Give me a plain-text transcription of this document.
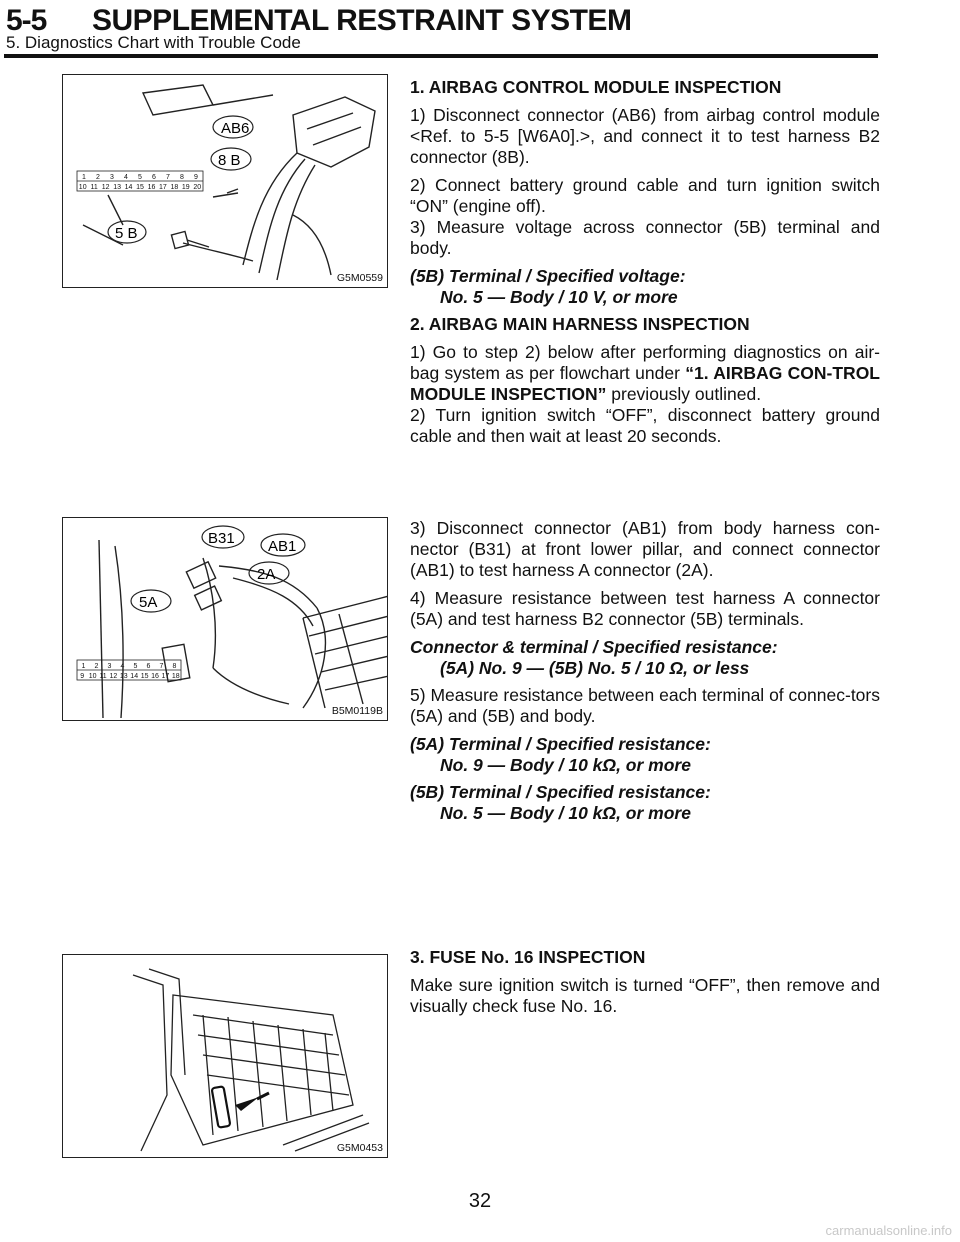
5-5 SUPPLEMENTAL RESTRAINT SYSTEM
5. Diagnostics Chart with Trouble Code
AB6
8 B
5 B
1 2 3 4 5 6 7 8 9
10 11 12 13 14 15 16 17 18 19 20
G5M0559
B31 AB1
2A
5A
1 2 3 4 5 6 7 8
9 10 11 12 13 14 15 16 17 18
B5M0119B
G5M0453

1. AIRBAG CONTROL MODULE INSPECTION

1) Disconnect connector (AB6) from airbag control module <Ref. to 5-5 [W6A0].>, and connect it to test harness B2 connector (8B).

2) Connect battery ground cable and turn ignition switch “ON” (engine off).

3) Measure voltage across connector (5B) terminal and body.

(5B) Terminal / Specified voltage:
No. 5 — Body / 10 V, or more

2. AIRBAG MAIN HARNESS INSPECTION

1) Go to step 2) below after performing diagnostics on air-bag system as per flowchart under “1. AIRBAG CON-TROL MODULE INSPECTION” previously outlined.

2) Turn ignition switch “OFF”, disconnect battery ground cable and then wait at least 20 seconds.

3) Disconnect connector (AB1) from body harness con-nector (B31) at front lower pillar, and connect connector (AB1) to test harness A connector (2A).

4) Measure resistance between test harness A connector (5A) and test harness B2 connector (5B) terminals.

Connector & terminal / Specified resistance:
(5A) No. 9 — (5B) No. 5 / 10 Ω, or less

5) Measure resistance between each terminal of connec-tors (5A) and (5B) and body.

(5A) Terminal / Specified resistance:
No. 9 — Body / 10 kΩ, or more
(5B) Terminal / Specified resistance:
No. 5 — Body / 10 kΩ, or more

3. FUSE No. 16 INSPECTION

Make sure ignition switch is turned “OFF”, then remove and visually check fuse No. 16.

32
carmanualsonline.info
